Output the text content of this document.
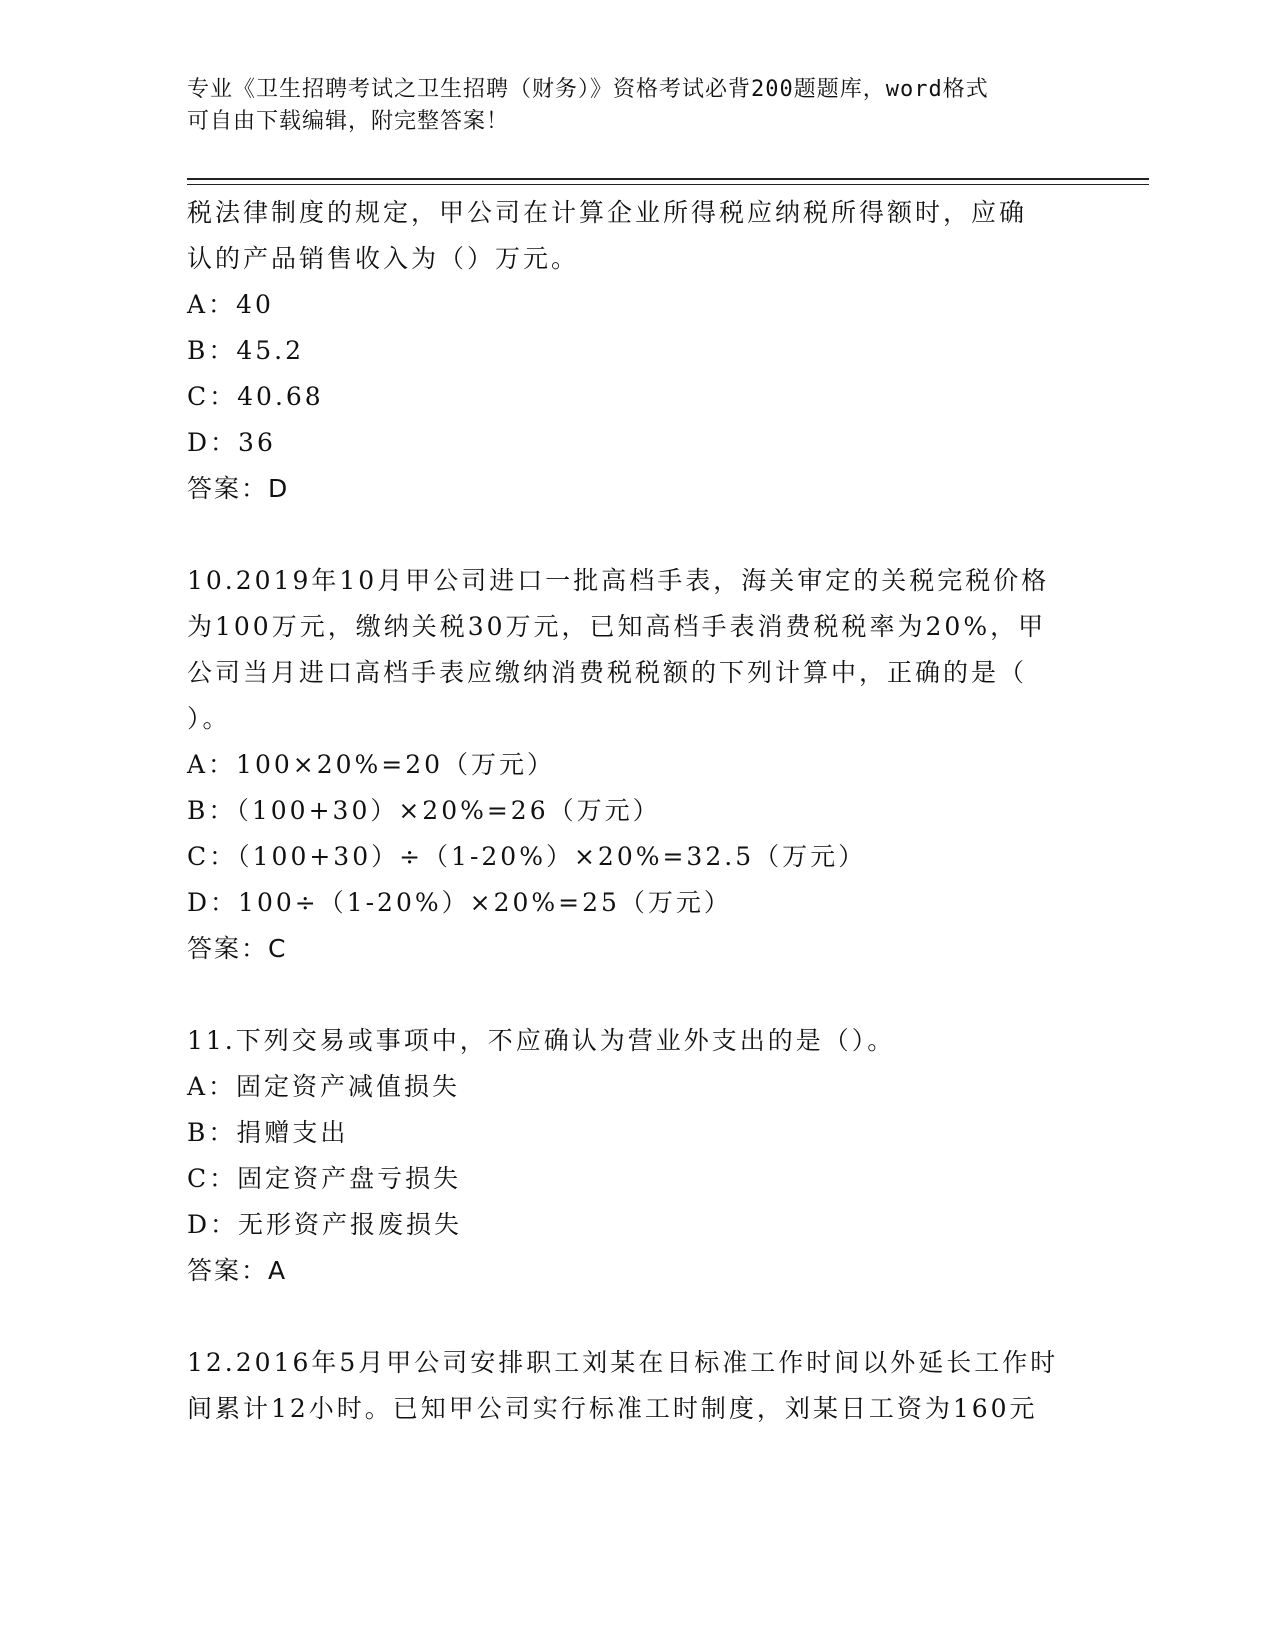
专业《卫生招聘考试之卫生招聘（财务）》资格考试必背200题题库，word格式
可自由下载编辑，附完整答案！
税法律制度的规定，甲公司在计算企业所得税应纳税所得额时，应确
认的产品销售收入为（）万元。
A：40
B：45.2
C：40.68
D：36
答案：D
10.2019年10月甲公司进口一批高档手表，海关审定的关税完税价格
为100万元，缴纳关税30万元，已知高档手表消费税税率为20%，甲
公司当月进口高档手表应缴纳消费税税额的下列计算中，正确的是（
）。
A：100×20%=20（万元）
B：（100+30）×20%=26（万元）
C：（100+30）÷（1-20%）×20%=32.5（万元）
D：100÷（1-20%）×20%=25（万元）
答案：C
11.下列交易或事项中，不应确认为营业外支出的是（）。
A：固定资产减值损失
B：捐赠支出
C：固定资产盘亏损失
D：无形资产报废损失
答案：A
12.2016年5月甲公司安排职工刘某在日标准工作时间以外延长工作时
间累计12小时。已知甲公司实行标准工时制度，刘某日工资为160元
